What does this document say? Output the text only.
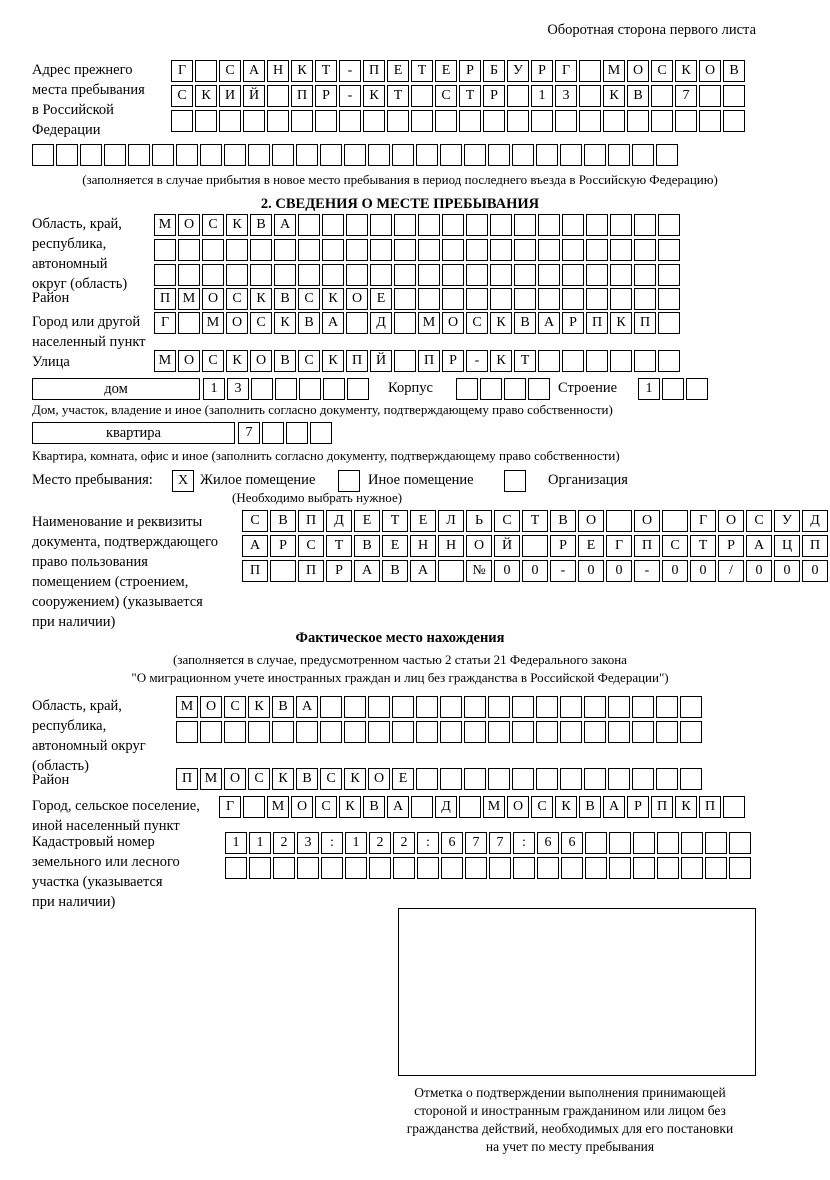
Оборотная сторона первого листа
Адрес прежнего
места пребывания
в Российской
Федерации
Г	С	А Н	К	Т	-	П	Е	Т	Е	Р	Б	У	Р	Г	М О	С	К	О	В
С	К	И Й	П	Р	-	К	Т	С	Т	Р	1	3	К	В	7
(заполняется в случае прибытия в новое место пребывания в период последнего въезда в Российскую Федерацию)
2. СВЕДЕНИЯ О МЕСТЕ ПРЕБЫВАНИЯ
Область, край,
республика,
автономный
округ (область)
М О	С	К	В	А
Район	П М О	С	К	В	С	К	О	Е
Город или другой
населенный пункт
Г	М О	С	К	В	А	Д	М О	С	К	В	А	Р	П	К	П
Улица	М О	С	К	О	В	С	К	П Й	П	Р	-	К	Т
дом	1	3	Корпус	Строение	1
Дом, участок, владение и иное (заполнить согласно документу, подтверждающему право собственности)
квартира	7
Квартира, комната, офис и иное (заполнить согласно документу, подтверждающему право собственности)
Место пребывания:	X Жилое помещение	Иное помещение	Организация
(Необходимо выбрать нужное)
Наименование и реквизиты
документа, подтверждающего
право пользования
помещением (строением,
сооружением) (указывается
при наличии)
С	В	П	Д	Е	Т	Е	Л	Ь	С	Т	В	О	О	Г	О	С	У	Д
А	Р	С	Т	В	Е	Н	Н	О	Й	Р	Е	Г	П	С	Т	Р	А	Ц	П
П	П	Р	А	В	А	№	0	0	-	0	0	-	0	0	/	0	0	0
Фактическое место нахождения
(заполняется в случае, предусмотренном частью 2 статьи 21 Федерального закона
"О миграционном учете иностранных граждан и лиц без гражданства в Российской Федерации")
Область, край,
республика,
автономный округ
(область)
М О	С	К	В	А
Район	П М О	С	К	В	С	К	О	Е
Город, сельское поселение,
иной населенный пункт
Г	М О	С	К	В	А	Д	М О	С	К	В	А	Р	П	К	П
Кадастровый номер
земельного или лесного
участка (указывается
при наличии)
1	1	2	3	:	1	2	2	:	6	7	7	:	6	6
Отметка о подтверждении выполнения принимающей
стороной и иностранным гражданином или лицом без
гражданства действий, необходимых для его постановки
на учет по месту пребывания
